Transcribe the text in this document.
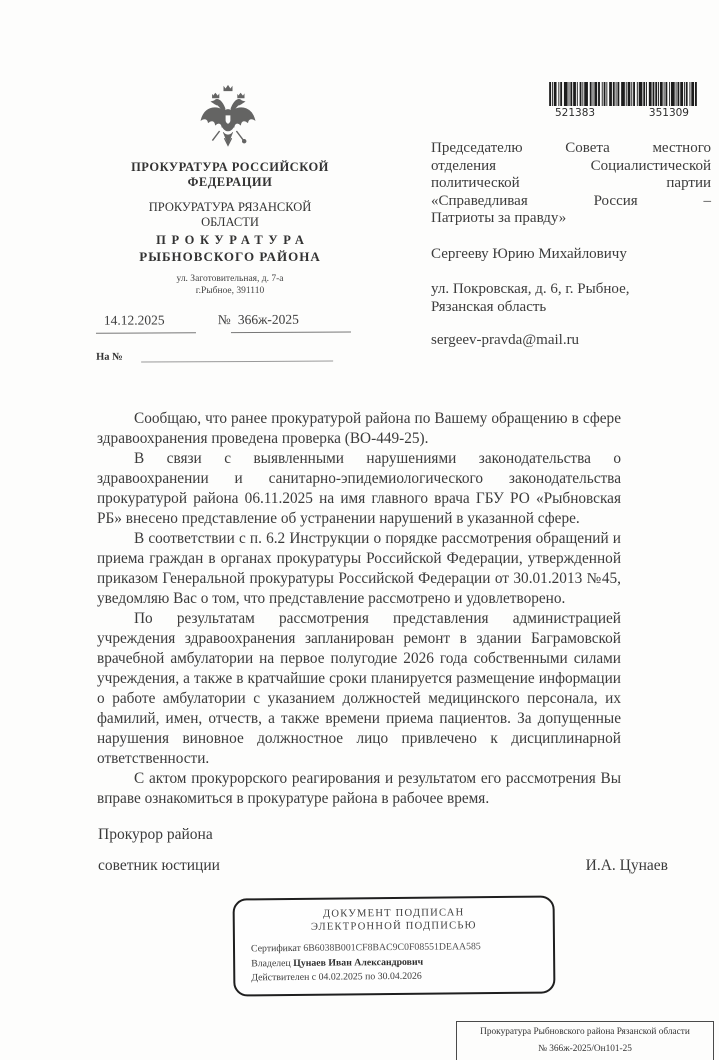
ПРОКУРАТУРА РОССИЙСКОЙ
ФЕДЕРАЦИИ
ПРОКУРАТУРА РЯЗАНСКОЙ
ОБЛАСТИ
ПРОКУРАТУРА
РЫБНОВСКОГО РАЙОНА
ул. Заготовительная, д. 7-а
г.Рыбное, 391110
14.12.2025	№ 366ж-2025
На №
521383	351309
Председателю Совета местного
отделения Социалистической
политической партии
«Справедливая Россия –
Патриоты за правду»
Сергееву Юрию Михайловичу
ул. Покровская, д. 6, г. Рыбное,
Рязанская область
sergeev-pravda@mail.ru

Сообщаю, что ранее прокуратурой района по Вашему обращению в сфере здравоохранения проведена проверка (ВО-449-25).

В связи с выявленными нарушениями законодательства о здравоохранении и санитарно-эпидемиологического законодательства прокуратурой района 06.11.2025 на имя главного врача ГБУ РО «Рыбновская РБ» внесено представление об устранении нарушений в указанной сфере.

В соответствии с п. 6.2 Инструкции о порядке рассмотрения обращений и приема граждан в органах прокуратуры Российской Федерации, утвержденной приказом Генеральной прокуратуры Российской Федерации от 30.01.2013 №45, уведомляю Вас о том, что представление рассмотрено и удовлетворено.

По результатам рассмотрения представления администрацией учреждения здравоохранения запланирован ремонт в здании Баграмовской врачебной амбулатории на первое полугодие 2026 года собственными силами учреждения, а также в кратчайшие сроки планируется размещение информации о работе амбулатории с указанием должностей медицинского персонала, их фамилий, имен, отчеств, а также времени приема пациентов. За допущенные нарушения виновное должностное лицо привлечено к дисциплинарной ответственности.

С актом прокурорского реагирования и результатом его рассмотрения Вы вправе ознакомиться в прокуратуре района в рабочее время.

Прокурор района
советник юстиции	И.А. Цунаев
ДОКУМЕНТ ПОДПИСАН
ЭЛЕКТРОННОЙ ПОДПИСЬЮ
Сертификат 6B6038B001CF8BAC9C0F08551DEAA585
Владелец Цунаев Иван Александрович
Действителен с 04.02.2025 по 30.04.2026
Прокуратура Рыбновского района Рязанской области
№ 366ж-2025/Он101-25
